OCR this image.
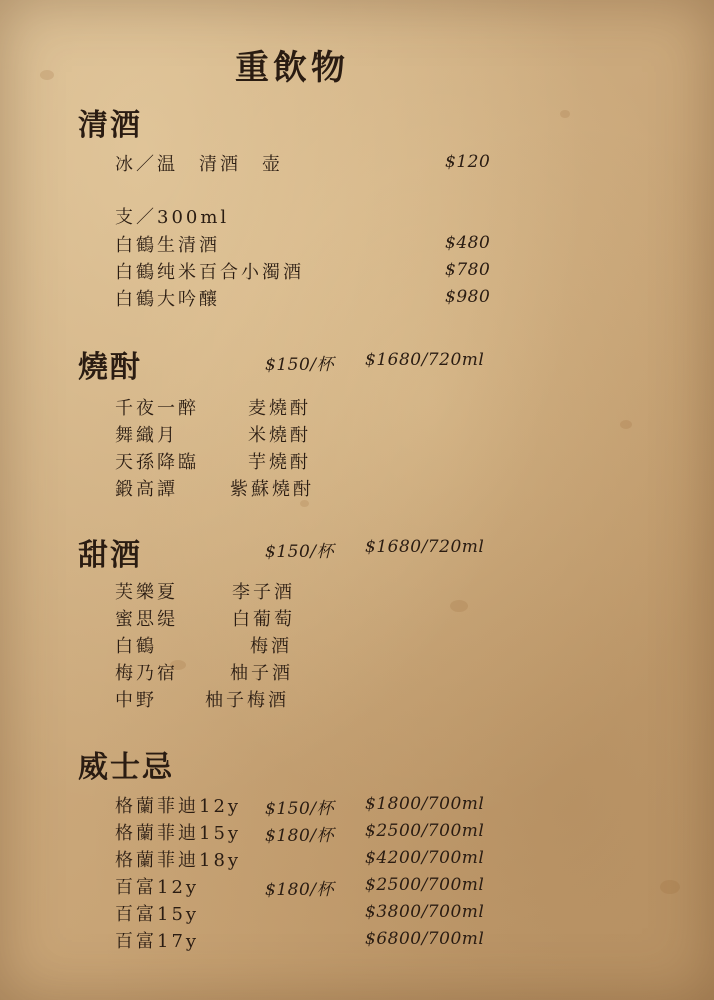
重飲物
清酒
冰／温　清酒　壶	$120
支／300ml
白鶴生清酒	$480
白鶴纯米百合小濁酒	$780
白鶴大吟釀	$980
燒酎	$150/杯 $1680/720ml
千夜一醉	麦燒酎
舞織月	米燒酎
天孫降臨	芋燒酎
鍛高譚	紫蘇燒酎
甜酒	$150/杯 $1680/720ml
芙樂夏	李子酒
蜜思缇	白葡萄
白鶴	梅酒
梅乃宿	柚子酒
中野	柚子梅酒
威士忌
格蘭菲迪12y $150/杯 $1800/700ml
格蘭菲迪15y $180/杯 $2500/700ml
格蘭菲迪18y	$4200/700ml
百富12y	$180/杯 $2500/700ml
百富15y	$3800/700ml
百富17y	$6800/700ml
